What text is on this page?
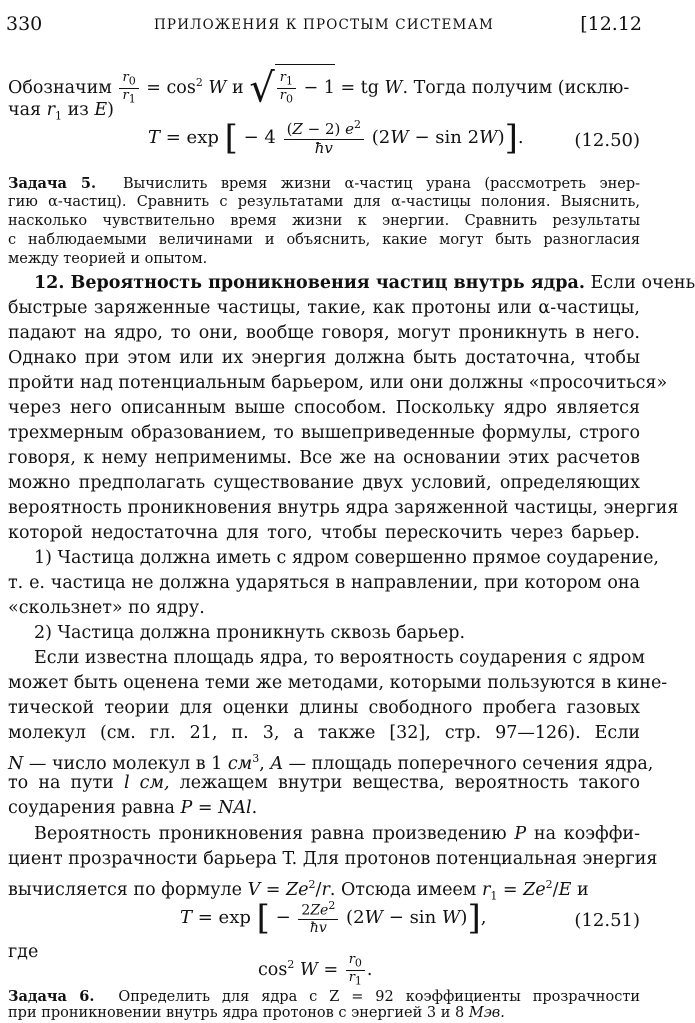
330	ПРИЛОЖЕНИЯ К ПРОСТЫМ СИСТЕМАМ	[12.12
Обозначим $\frac{r_0}{r_1} = \cos^2 W$ и √ $\frac{r_1}{r_0} - 1$ = tg W. Тогда получим (исклю-
чая $r_1$ из E)
T = exp [ − $4 \frac{(Z - 2) e^2}{ħv} (2W - \sin 2W)$].	(12.50)
Задача 5. Вычислить время жизни α-частиц урана (рассмотреть энер-
гию α-частиц). Сравнить с результатами для α-частицы полония. Выяснить,
насколько чувствительно время жизни к энергии. Сравнить результаты
с наблюдаемыми величинами и объяснить, какие могут быть разногласия
между теорией и опытом.
12. Вероятность проникновения частиц внутрь ядра. Если очень
быстрые заряженные частицы, такие, как протоны или α-частицы,
падают на ядро, то они, вообще говоря, могут проникнуть в него.
Однако при этом или их энергия должна быть достаточна, чтобы
пройти над потенциальным барьером, или они должны «просочиться»
через него описанным выше способом. Поскольку ядро является
трехмерным образованием, то вышеприведенные формулы, строго
говоря, к нему неприменимы. Все же на основании этих расчетов
можно предполагать существование двух условий, определяющих
вероятность проникновения внутрь ядра заряженной частицы, энергия
которой недостаточна для того, чтобы перескочить через барьер.
1) Частица должна иметь с ядром совершенно прямое соударение,
т. е. частица не должна ударяться в направлении, при котором она
«скользнет» по ядру.
2) Частица должна проникнуть сквозь барьер.
Если известна площадь ядра, то вероятность соударения с ядром
может быть оценена теми же методами, которыми пользуются в кине-
тической теории для оценки длины свободного пробега газовых
молекул (см. гл. 21, п. 3, а также [32], стр. 97—126). Если
N — число молекул в 1 $см^3$, A — площадь поперечного сечения ядра,
то на пути l см, лежащем внутри вещества, вероятность такого
соударения равна P = NAl.
Вероятность проникновения равна произведению P на коэффи-
циент прозрачности барьера T. Для протонов потенциальная энергия
вычисляется по формуле $V = Ze^2/r$. Отсюда имеем $r_1 = Ze^2/E$ и
T = exp [ − $\frac{2Ze^2}{ħv} (2W - \sin W)$],	(12.51)
где
$\cos^2 W = \frac{r_0}{r_1}$ .
Задача 6. Определить для ядра с Z = 92 коэффициенты прозрачности
при проникновении внутрь ядра протонов с энергией 3 и 8 Мэв.
